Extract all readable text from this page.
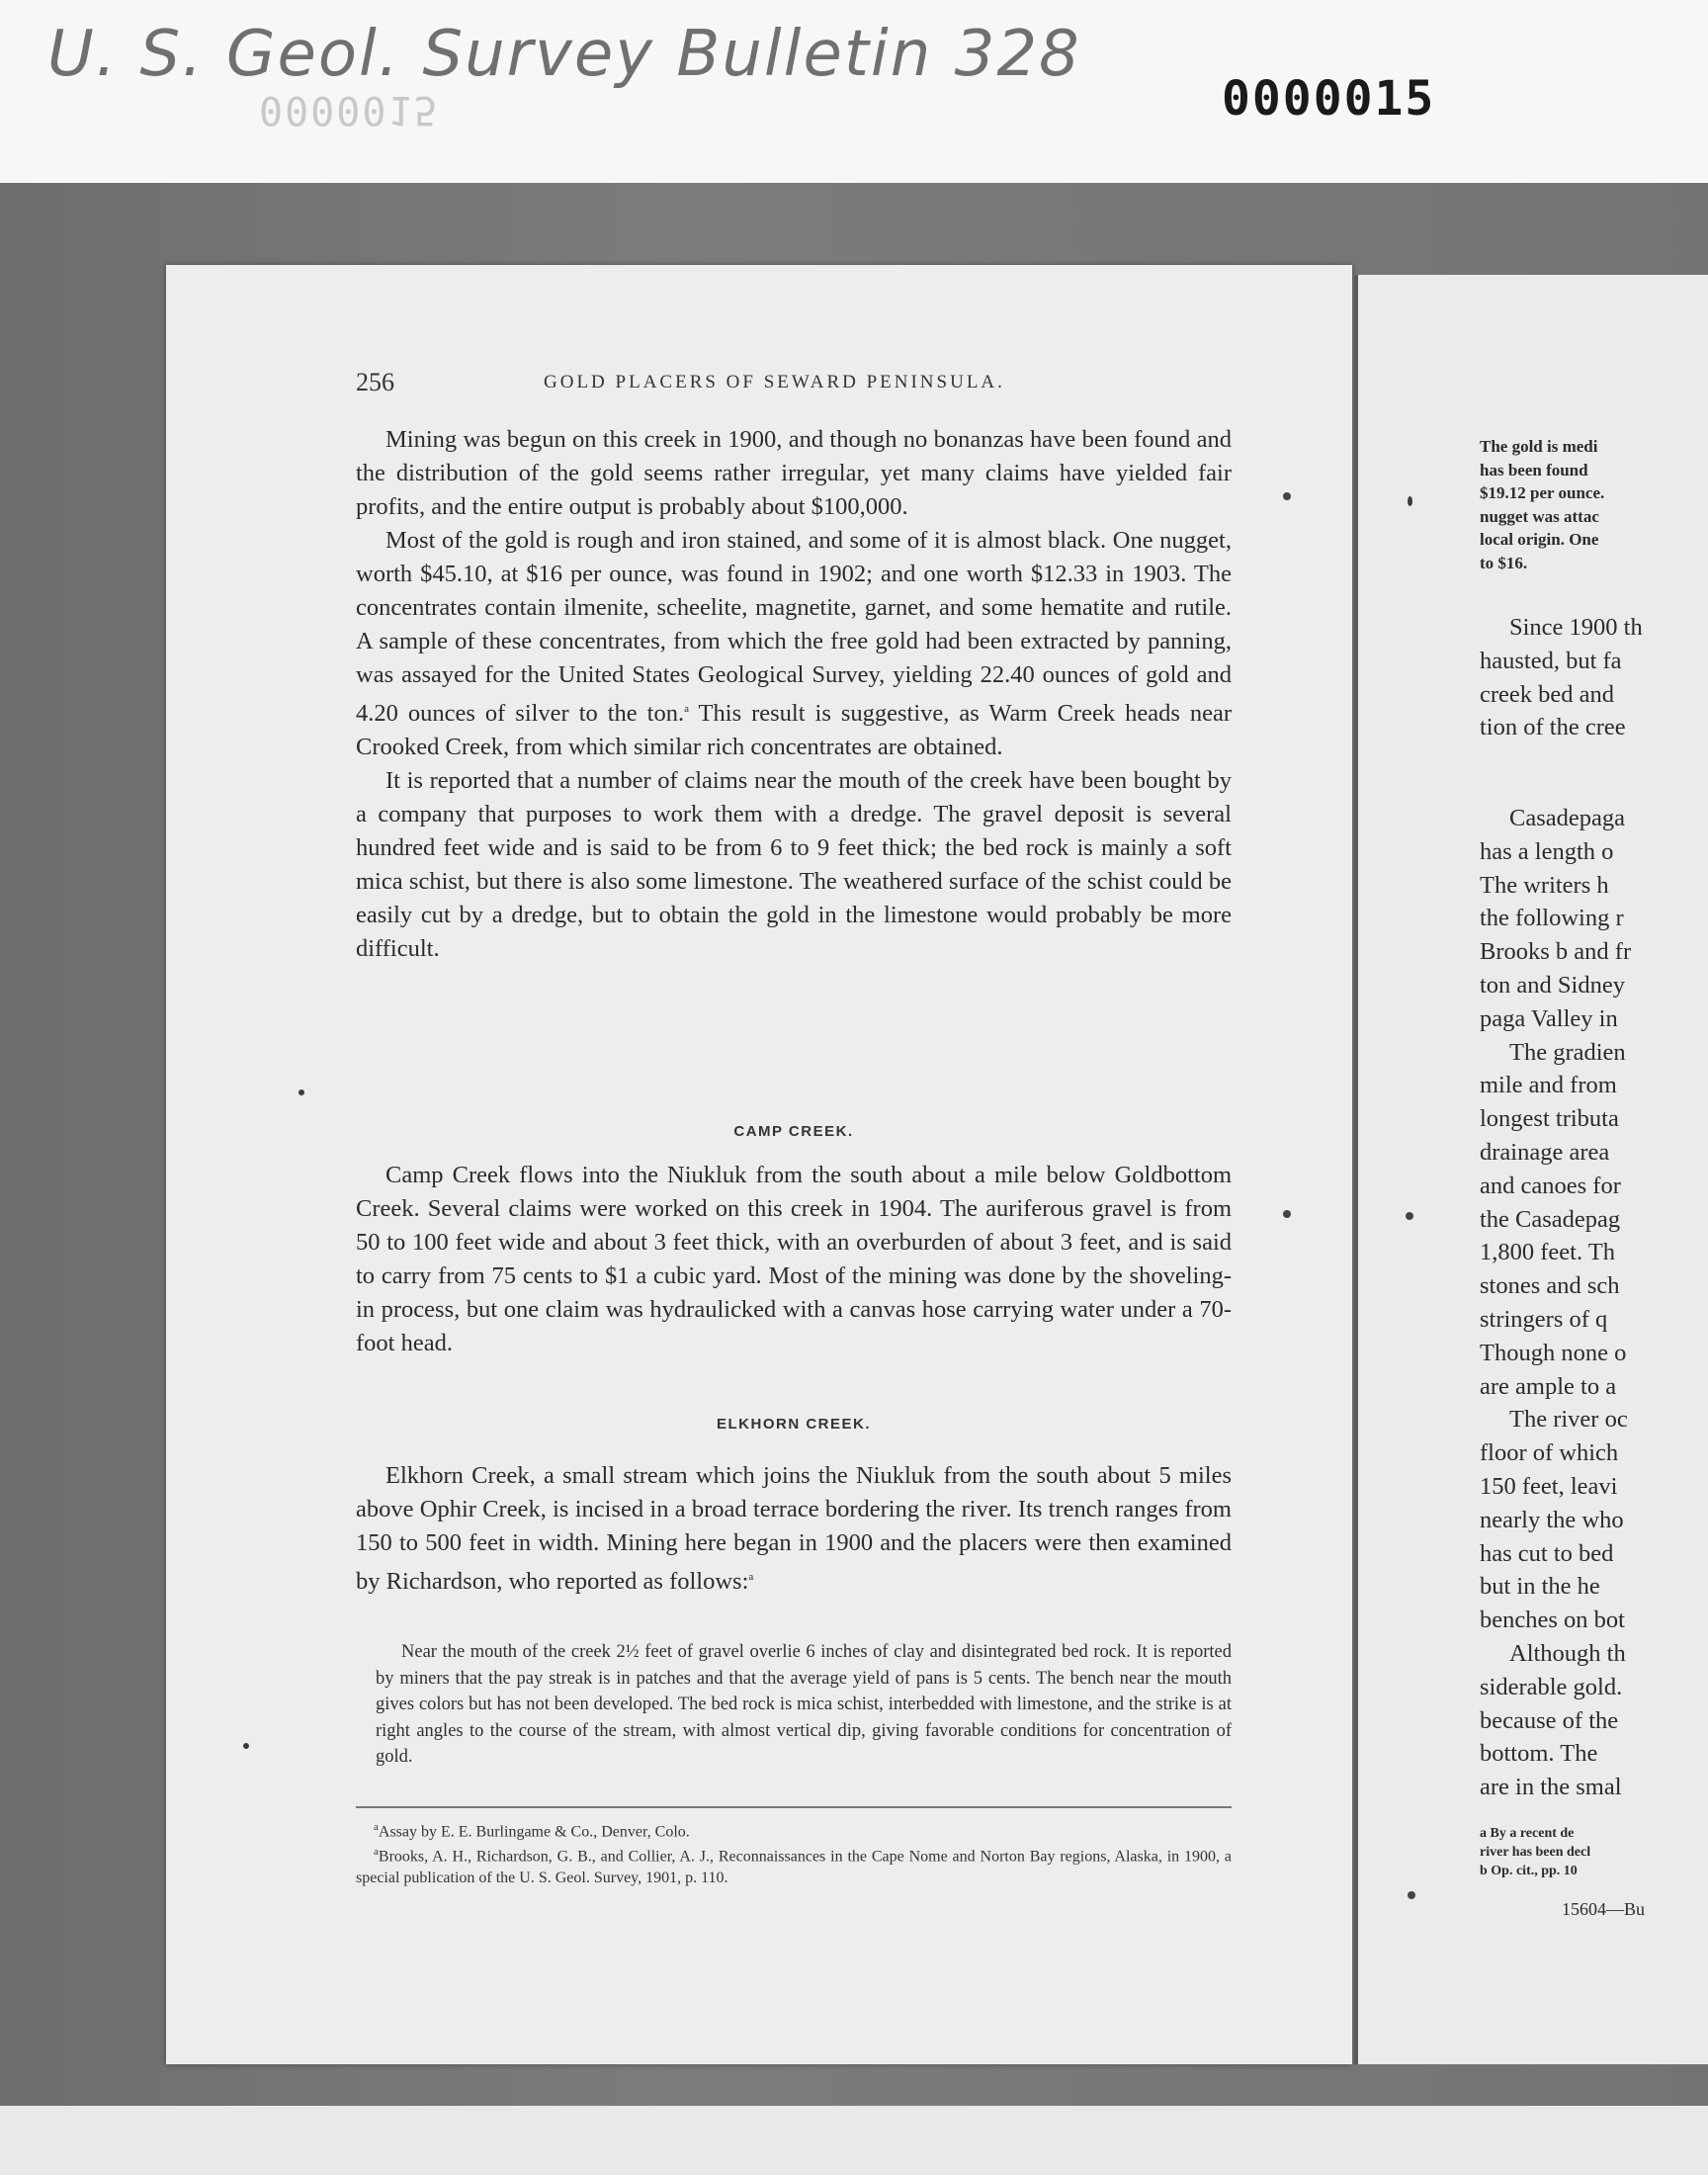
U. S. Geol. Survey Bulletin 328
0000015	0000015
256	GOLD PLACERS OF SEWARD PENINSULA.

Mining was begun on this creek in 1900, and though no bonanzas have been found and the distribution of the gold seems rather irregular, yet many claims have yielded fair profits, and the entire output is probably about $100,000.

Most of the gold is rough and iron stained, and some of it is almost black. One nugget, worth $45.10, at $16 per ounce, was found in 1902; and one worth $12.33 in 1903. The concentrates contain ilmenite, scheelite, magnetite, garnet, and some hematite and rutile. A sample of these concentrates, from which the free gold had been extracted by panning, was assayed for the United States Geological Survey, yielding 22.40 ounces of gold and 4.20 ounces of silver to the ton.$^a$ This result is suggestive, as Warm Creek heads near Crooked Creek, from which similar rich concentrates are obtained.

It is reported that a number of claims near the mouth of the creek have been bought by a company that purposes to work them with a dredge. The gravel deposit is several hundred feet wide and is said to be from 6 to 9 feet thick; the bed rock is mainly a soft mica schist, but there is also some limestone. The weathered surface of the schist could be easily cut by a dredge, but to obtain the gold in the limestone would probably be more difficult.

CAMP CREEK.

Camp Creek flows into the Niukluk from the south about a mile below Goldbottom Creek. Several claims were worked on this creek in 1904. The auriferous gravel is from 50 to 100 feet wide and about 3 feet thick, with an overburden of about 3 feet, and is said to carry from 75 cents to $1 a cubic yard. Most of the mining was done by the shoveling-in process, but one claim was hydraulicked with a canvas hose carrying water under a 70-foot head.

ELKHORN CREEK.

Elkhorn Creek, a small stream which joins the Niukluk from the south about 5 miles above Ophir Creek, is incised in a broad terrace bordering the river. Its trench ranges from 150 to 500 feet in width. Mining here began in 1900 and the placers were then examined by Richardson, who reported as follows:$^a$

Near the mouth of the creek 2½ feet of gravel overlie 6 inches of clay and disintegrated bed rock. It is reported by miners that the pay streak is in patches and that the average yield of pans is 5 cents. The bench near the mouth gives colors but has not been developed. The bed rock is mica schist, interbedded with limestone, and the strike is at right angles to the course of the stream, with almost vertical dip, giving favorable conditions for concentration of gold.

$^a$Assay by E. E. Burlingame & Co., Denver, Colo.

$^a$Brooks, A. H., Richardson, G. B., and Collier, A. J., Reconnaissances in the Cape Nome and Norton Bay regions, Alaska, in 1900, a special publication of the U. S. Geol. Survey, 1901, p. 110.

The gold is medi
has been found
$19.12 per ounce.
nugget was attac
local origin. One
to $16.
Since 1900 th
hausted, but fa
creek bed and
tion of the cree
Casadepaga
has a length o
The writers h
the following r
Brooks b and fr
ton and Sidney
paga Valley in
The gradien
mile and from
longest tributa
drainage area
and canoes for
the Casadepag
1,800 feet. Th
stones and sch
stringers of q
Though none o
are ample to a
The river oc
floor of which
150 feet, leavi
nearly the who
has cut to bed
but in the he
benches on bot
Although th
siderable gold.
because of the
bottom. The
are in the smal
a By a recent de
river has been decl
b Op. cit., pp. 10
15604—Bu
